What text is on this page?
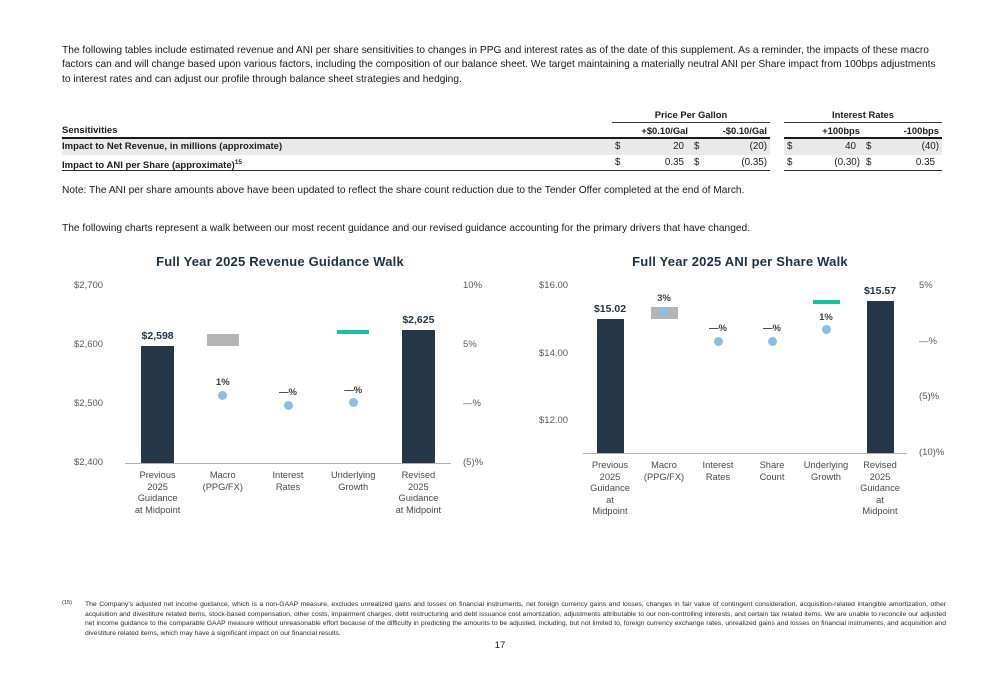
The following tables include estimated revenue and ANI per share sensitivities to changes in PPG and interest rates as of the date of this supplement. As a reminder, the impacts of these macro factors can and will change based upon various factors, including the composition of our balance sheet. We target maintaining a materially neutral ANI per Share impact from 100bps adjustments to interest rates and can adjust our profile through balance sheet strategies and hedging.

Price Per Gallon	Interest Rates
Sensitivities	+$0.10/Gal	-$0.10/Gal	+100bps	-100bps
Impact to Net Revenue, in millions (approximate)	$	20	$	(20) $	40	$	(40)
Impact to ANI per Share (approximate)$^{15}$	$	0.35	$	(0.35) $	(0.30) $	0.35

Note: The ANI per share amounts above have been updated to reflect the share count reduction due to the Tender Offer completed at the end of March.

The following charts represent a walk between our most recent guidance and our revised guidance accounting for the primary drivers that have changed.

Full Year 2025 Revenue Guidance Walk
$2,700
$2,600
$2,500
$2,400
10%
5%
—%
(5)%
Previous
2025
Guidance
at Midpoint
$2,598
Macro
(PPG/FX)
1%
Interest
Rates
—%
Underlying
Growth
—%
Revised
2025
Guidance
at Midpoint
$2,625
Full Year 2025 ANI per Share Walk
$16.00
$14.00
$12.00
5%
—%
(5)%
(10)%
Previous
2025
Guidance
at
Midpoint
$15.02
Macro
(PPG/FX)
3%
Interest
Rates
—%
Share
Count
—%
Underlying
Growth
1%
Revised
2025
Guidance
at
Midpoint
$15.57
(15) The Company's adjusted net income guidance, which is a non-GAAP measure, excludes unrealized gains and losses on financial instruments, net foreign currency gains and losses, changes in fair value of contingent consideration, acquisition-related intangible amortization, other acquisition and divestiture related items, stock-based compensation, other costs, impairment charges, debt restructuring and debt issuance cost amortization, adjustments attributable to our non-controlling interests, and certain tax related items. We are unable to reconcile our adjusted net income guidance to the comparable GAAP measure without unreasonable effort because of the difficulty in predicting the amounts to be adjusted, including, but not limited to, foreign currency exchange rates, unrealized gains and losses on financial instruments, and acquisition and divestiture related items, which may have a significant impact on our financial results.
17
